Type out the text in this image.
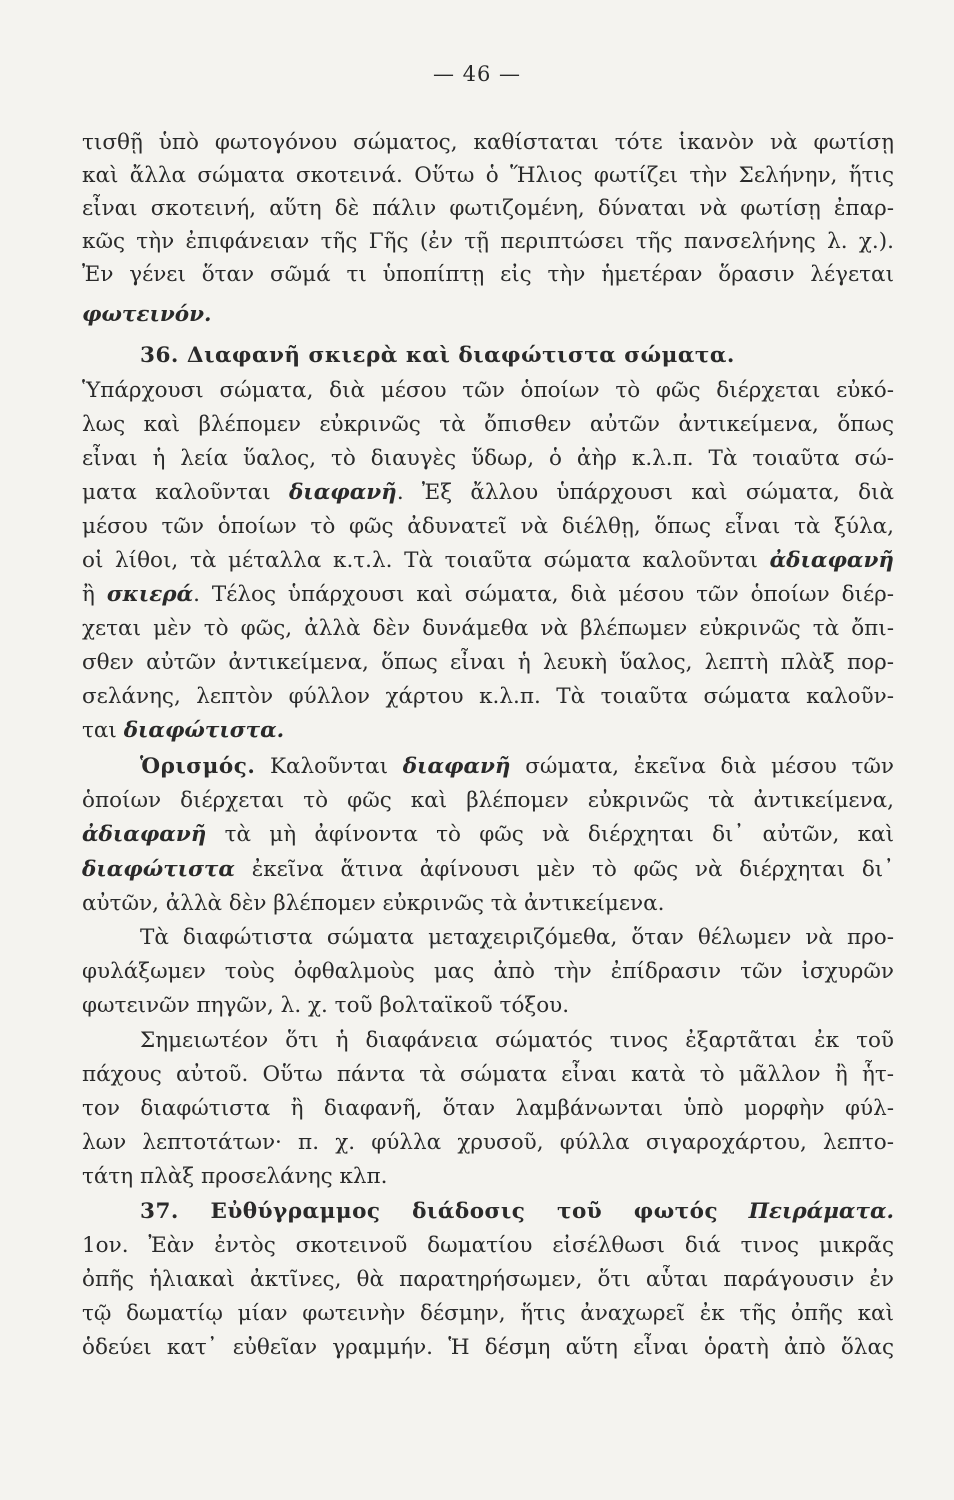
— 46 —
τισθῇ ὑπὸ φωτογόνου σώματος, καθίσταται τότε ἱκανὸν νὰ φωτίσῃ
καὶ ἄλλα σώματα σκοτεινά. Οὕτω ὁ Ἥλιος φωτίζει τὴν Σελήνην, ἥτις
εἶναι σκοτεινή, αὕτη δὲ πάλιν φωτιζομένη, δύναται νὰ φωτίσῃ ἐπαρ-
κῶς τὴν ἐπιφάνειαν τῆς Γῆς (ἐν τῇ περιπτώσει τῆς πανσελήνης λ. χ.).
Ἐν γένει ὅταν σῶμά τι ὑποπίπτῃ εἰς τὴν ἡμετέραν ὅρασιν λέγεται
φωτεινόν.
36. Διαφανῆ σκιερὰ καὶ διαφώτιστα σώματα.
Ὑπάρχουσι σώματα, διὰ μέσου τῶν ὁποίων τὸ φῶς διέρχεται εὐκό-
λως καὶ βλέπομεν εὐκρινῶς τὰ ὄπισθεν αὐτῶν ἀντικείμενα, ὅπως
εἶναι ἡ λεία ὕαλος, τὸ διαυγὲς ὕδωρ, ὁ ἀὴρ κ.λ.π. Τὰ τοιαῦτα σώ-
ματα καλοῦνται διαφανῆ. Ἐξ ἄλλου ὑπάρχουσι καὶ σώματα, διὰ
μέσου τῶν ὁποίων τὸ φῶς ἀδυνατεῖ νὰ διέλθῃ, ὅπως εἶναι τὰ ξύλα,
οἱ λίθοι, τὰ μέταλλα κ.τ.λ. Τὰ τοιαῦτα σώματα καλοῦνται ἀδιαφανῆ
ἢ σκιερά. Τέλος ὑπάρχουσι καὶ σώματα, διὰ μέσου τῶν ὁποίων διέρ-
χεται μὲν τὸ φῶς, ἀλλὰ δὲν δυνάμεθα νὰ βλέπωμεν εὐκρινῶς τὰ ὄπι-
σθεν αὐτῶν ἀντικείμενα, ὅπως εἶναι ἡ λευκὴ ὕαλος, λεπτὴ πλὰξ πορ-
σελάνης, λεπτὸν φύλλον χάρτου κ.λ.π. Τὰ τοιαῦτα σώματα καλοῦν-
ται διαφώτιστα.
Ὁρισμός. Καλοῦνται διαφανῆ σώματα, ἐκεῖνα διὰ μέσου τῶν
ὁποίων διέρχεται τὸ φῶς καὶ βλέπομεν εὐκρινῶς τὰ ἀντικείμενα,
ἀδιαφανῆ τὰ μὴ ἀφίνοντα τὸ φῶς νὰ διέρχηται δι᾿ αὐτῶν, καὶ
διαφώτιστα ἐκεῖνα ἅτινα ἀφίνουσι μὲν τὸ φῶς νὰ διέρχηται δι᾿
αὐτῶν, ἀλλὰ δὲν βλέπομεν εὐκρινῶς τὰ ἀντικείμενα.
Τὰ διαφώτιστα σώματα μεταχειριζόμεθα, ὅταν θέλωμεν νὰ προ-
φυλάξωμεν τοὺς ὀφθαλμοὺς μας ἀπὸ τὴν ἐπίδρασιν τῶν ἰσχυρῶν
φωτεινῶν πηγῶν, λ. χ. τοῦ βολταϊκοῦ τόξου.
Σημειωτέον ὅτι ἡ διαφάνεια σώματός τινος ἐξαρτᾶται ἐκ τοῦ
πάχους αὐτοῦ. Οὕτω πάντα τὰ σώματα εἶναι κατὰ τὸ μᾶλλον ἢ ἧτ-
τον διαφώτιστα ἢ διαφανῆ, ὅταν λαμβάνωνται ὑπὸ μορφὴν φύλ-
λων λεπτοτάτων· π. χ. φύλλα χρυσοῦ, φύλλα σιγαροχάρτου, λεπτο-
τάτη πλὰξ προσελάνης κλπ.
37. Εὐθύγραμμος διάδοσις τοῦ φωτός Πειράματα.
1ον. Ἐὰν ἐντὸς σκοτεινοῦ δωματίου εἰσέλθωσι διά τινος μικρᾶς
ὀπῆς ἡλιακαὶ ἀκτῖνες, θὰ παρατηρήσωμεν, ὅτι αὗται παράγουσιν ἐν
τῷ δωματίῳ μίαν φωτεινὴν δέσμην, ἥτις ἀναχωρεῖ ἐκ τῆς ὀπῆς καὶ
ὁδεύει κατ᾿ εὐθεῖαν γραμμήν. Ἡ δέσμη αὕτη εἶναι ὁρατὴ ἀπὸ ὅλας
